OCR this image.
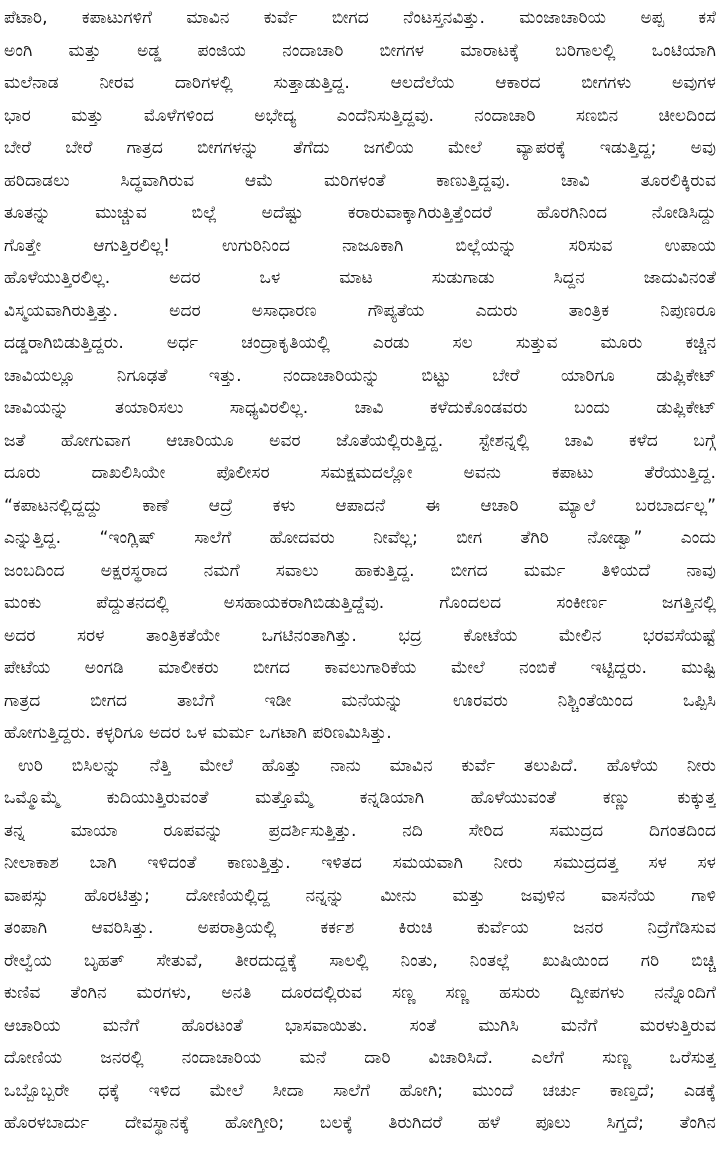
ಪೆಟಾರಿ, ಕಪಾಟುಗಳಿಗೆ ಮಾವಿನ ಕುರ್ವೆ ಬೀಗದ ನೆಂಟಸ್ತನವಿತ್ತು. ಮಂಜಾಚಾರಿಯ ಅಪ್ಪ ಕಸೆ
ಅಂಗಿ ಮತ್ತು ಅಡ್ಡ ಪಂಜಿಯ ನಂದಾಚಾರಿ ಬೀಗಗಳ ಮಾರಾಟಕ್ಕೆ ಬರಿಗಾಲಲ್ಲಿ ಒಂಟಿಯಾಗಿ
ಮಲೆನಾಡ ನೀರವ ದಾರಿಗಳಲ್ಲಿ ಸುತ್ತಾಡುತ್ತಿದ್ದ. ಆಲದೆಲೆಯ ಆಕಾರದ ಬೀಗಗಳು ಅವುಗಳ
ಭಾರ ಮತ್ತು ಮೊಳೆಗಳಿಂದ ಅಭೇದ್ಯ ಎಂದೆನಿಸುತ್ತಿದ್ದವು. ನಂದಾಚಾರಿ ಸಣಬಿನ ಚೀಲದಿಂದ
ಬೇರೆ ಬೇರೆ ಗಾತ್ರದ ಬೀಗಗಳನ್ನು ತೆಗೆದು ಜಗಲಿಯ ಮೇಲೆ ವ್ಯಾಪರಕ್ಕೆ ಇಡುತ್ತಿದ್ದ; ಅವು
ಹರಿದಾಡಲು ಸಿದ್ಧವಾಗಿರುವ ಆಮೆ ಮರಿಗಳಂತೆ ಕಾಣುತ್ತಿದ್ದವು. ಚಾವಿ ತೂರಲಿಕ್ಕಿರುವ
ತೂತನ್ನು ಮುಚ್ಚುವ ಬಿಲ್ಲೆ ಅದೆಷ್ಟು ಕರಾರುವಾಕ್ಕಾಗಿರುತ್ತಿತ್ತೆಂದರೆ ಹೊರಗಿನಿಂದ ನೋಡಿಸಿದ್ದು
ಗೊತ್ತೇ ಆಗುತ್ತಿರಲಿಲ್ಲ! ಉಗುರಿನಿಂದ ನಾಜೂಕಾಗಿ ಬಿಲ್ಲೆಯನ್ನು ಸರಿಸುವ ಉಪಾಯ
ಹೊಳೆಯುತ್ತಿರಲಿಲ್ಲ. ಅದರ ಒಳ ಮಾಟ ಸುಡುಗಾಡು ಸಿದ್ದನ ಜಾದುವಿನಂತೆ
ವಿಸ್ಮಯವಾಗಿರುತ್ತಿತ್ತು. ಅದರ ಅಸಾಧಾರಣ ಗೌಪ್ಯತೆಯ ಎದುರು ತಾಂತ್ರಿಕ ನಿಪುಣರೂ
ದಡ್ಡರಾಗಿಬಿಡುತ್ತಿದ್ದರು. ಅರ್ಧ ಚಂದ್ರಾಕೃತಿಯಲ್ಲಿ ಎರಡು ಸಲ ಸುತ್ತುವ ಮೂರು ಕಚ್ಚಿನ
ಚಾವಿಯಲ್ಲೂ ನಿಗೂಢತೆ ಇತ್ತು. ನಂದಾಚಾರಿಯನ್ನು ಬಿಟ್ಟು ಬೇರೆ ಯಾರಿಗೂ ಡುಪ್ಲಿಕೇಟ್
ಚಾವಿಯನ್ನು ತಯಾರಿಸಲು ಸಾಧ್ಯವಿರಲಿಲ್ಲ. ಚಾವಿ ಕಳೆದುಕೊಂಡವರು ಬಂದು ಡುಪ್ಲಿಕೇಟ್
ಜತೆ ಹೋಗುವಾಗ ಆಚಾರಿಯೂ ಅವರ ಜೊತೆಯಲ್ಲಿರುತ್ತಿದ್ದ. ಸ್ಟೇಶನ್ನಲ್ಲಿ ಚಾವಿ ಕಳೆದ ಬಗ್ಗೆ
ದೂರು ದಾಖಲಿಸಿಯೇ ಪೊಲೀಸರ ಸಮಕ್ಷಮದಲ್ಲೋ ಅವನು ಕಪಾಟು ತೆರೆಯುತ್ತಿದ್ದ.
“ಕಪಾಟನಲ್ಲಿದ್ದದ್ದು ಕಾಣೆ ಆದ್ರೆ ಕಳು ಆಪಾದನೆ ಈ ಆಚಾರಿ ಮ್ಯಾಲೆ ಬರಬಾರ್ದಲ್ಲ”
ಎನ್ನುತ್ತಿದ್ದ. “ಇಂಗ್ಲಿಷ್ ಸಾಲೆಗೆ ಹೋದವರು ನೀವೆಲ್ಲ; ಬೀಗ ತೆಗಿರಿ ನೋಡ್ವಾ” ಎಂದು
ಜಂಬದಿಂದ ಅಕ್ಷರಸ್ಥರಾದ ನಮಗೆ ಸವಾಲು ಹಾಕುತ್ತಿದ್ದ. ಬೀಗದ ಮರ್ಮ ತಿಳಿಯದೆ ನಾವು
ಮಂಕು ಪೆದ್ದುತನದಲ್ಲಿ ಅಸಹಾಯಕರಾಗಿಬಿಡುತ್ತಿದ್ದೆವು. ಗೊಂದಲದ ಸಂಕೀರ್ಣ ಜಗತ್ತಿನಲ್ಲಿ
ಅದರ ಸರಳ ತಾಂತ್ರಿಕತೆಯೇ ಒಗಟಿನಂತಾಗಿತ್ತು. ಭದ್ರ ಕೋಟೆಯ ಮೇಲಿನ ಭರವಸೆಯಷ್ಟೆ
ಪೇಟೆಯ ಅಂಗಡಿ ಮಾಲೀಕರು ಬೀಗದ ಕಾವಲುಗಾರಿಕೆಯ ಮೇಲೆ ನಂಬಿಕೆ ಇಟ್ಟಿದ್ದರು. ಮುಷ್ಟಿ
ಗಾತ್ರದ ಬೀಗದ ತಾಬೆಗೆ ಇಡೀ ಮನೆಯನ್ನು ಊರವರು ನಿಶ್ಚಿಂತೆಯಿಂದ ಒಪ್ಪಿಸಿ
ಹೋಗುತ್ತಿದ್ದರು. ಕಳ್ಳರಿಗೂ ಅದರ ಒಳ ಮರ್ಮ ಒಗಟಾಗಿ ಪರಿಣಮಿಸಿತ್ತು.
ಉರಿ ಬಿಸಿಲನ್ನು ನೆತ್ತಿ ಮೇಲೆ ಹೊತ್ತು ನಾನು ಮಾವಿನ ಕುರ್ವೆ ತಲುಪಿದೆ. ಹೊಳೆಯ ನೀರು
ಒಮ್ಮೊಮ್ಮೆ ಕುದಿಯುತ್ತಿರುವಂತೆ ಮತ್ತೊಮ್ಮೆ ಕನ್ನಡಿಯಾಗಿ ಹೊಳೆಯುವಂತೆ ಕಣ್ಣು ಕುಕ್ಕುತ್ತ
ತನ್ನ ಮಾಯಾ ರೂಪವನ್ನು ಪ್ರದರ್ಶಿಸುತ್ತಿತ್ತು. ನದಿ ಸೇರಿದ ಸಮುದ್ರದ ದಿಗಂತದಿಂದ
ನೀಲಾಕಾಶ ಬಾಗಿ ಇಳಿದಂತೆ ಕಾಣುತ್ತಿತ್ತು. ಇಳಿತದ ಸಮಯವಾಗಿ ನೀರು ಸಮುದ್ರದತ್ತ ಸಳ ಸಳ
ವಾಪಸ್ಸು ಹೊರಟಿತ್ತು; ದೋಣಿಯಲ್ಲಿದ್ದ ನನ್ನನ್ನು ಮೀನು ಮತ್ತು ಜವುಳಿನ ವಾಸನೆಯ ಗಾಳಿ
ತಂಪಾಗಿ ಆವರಿಸಿತ್ತು. ಅಪರಾತ್ರಿಯಲ್ಲಿ ಕರ್ಕಶ ಕಿರುಚಿ ಕುರ್ವೆಯ ಜನರ ನಿದ್ರೆಗೆಡಿಸುವ
ರೇಲ್ವೆಯ ಬೃಹತ್ ಸೇತುವೆ, ತೀರದುದ್ದಕ್ಕೆ ಸಾಲಲ್ಲಿ ನಿಂತು, ನಿಂತಲ್ಲೆ ಖುಷಿಯಿಂದ ಗರಿ ಬಿಚ್ಚಿ
ಕುಣಿವ ತೆಂಗಿನ ಮರಗಳು, ಅನತಿ ದೂರದಲ್ಲಿರುವ ಸಣ್ಣ ಸಣ್ಣ ಹಸುರು ದ್ವೀಪಗಳು ನನ್ನೊಂದಿಗೆ
ಆಚಾರಿಯ ಮನೆಗೆ ಹೊರಟಂತೆ ಭಾಸವಾಯಿತು. ಸಂತೆ ಮುಗಿಸಿ ಮನೆಗೆ ಮರಳುತ್ತಿರುವ
ದೋಣಿಯ ಜನರಲ್ಲಿ ನಂದಾಚಾರಿಯ ಮನೆ ದಾರಿ ವಿಚಾರಿಸಿದೆ. ಎಲೆಗೆ ಸುಣ್ಣ ಒರೆಸುತ್ತ
ಒಬ್ಬೊಬ್ಬರೇ ಧಕ್ಕೆ ಇಳಿದ ಮೇಲೆ ಸೀದಾ ಸಾಲೆಗೆ ಹೋಗಿ; ಮುಂದೆ ಚರ್ಚು ಕಾಣ್ತದೆ; ಎಡಕ್ಕೆ
ಹೊರಳಬಾರ್ದು ದೇವಸ್ಥಾನಕ್ಕೆ ಹೋಗ್ತೀರಿ; ಬಲಕ್ಕೆ ತಿರುಗಿದರೆ ಹಳೆ ಪೂಲು ಸಿಗ್ತದೆ; ತೆಂಗಿನ
